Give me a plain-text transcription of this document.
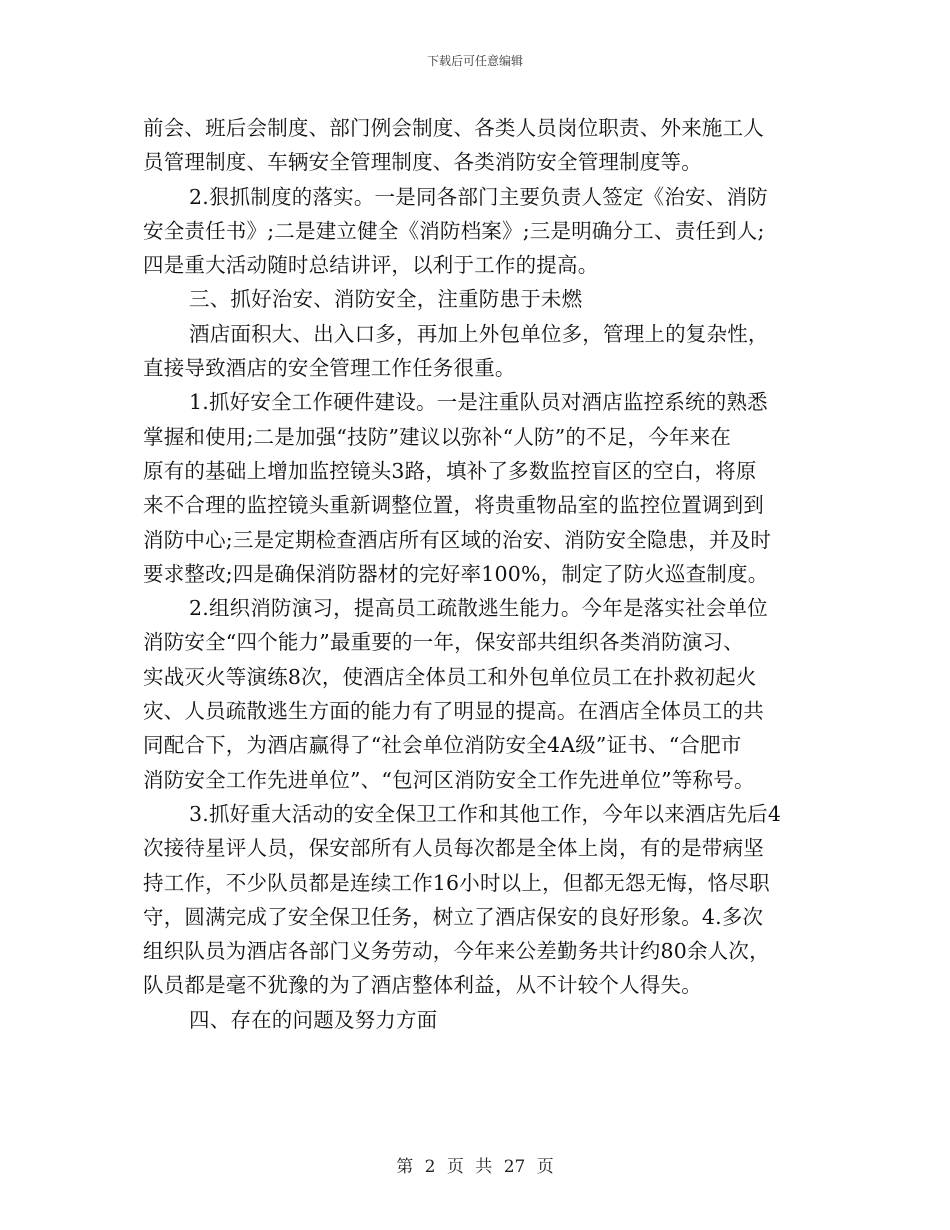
下载后可任意编辑
前会、班后会制度、部门例会制度、各类人员岗位职责、外来施工人
员管理制度、车辆安全管理制度、各类消防安全管理制度等。
2.狠抓制度的落实。一是同各部门主要负责人签定《治安、消防
安全责任书》;二是建立健全《消防档案》;三是明确分工、责任到人;
四是重大活动随时总结讲评，以利于工作的提高。
三、抓好治安、消防安全，注重防患于未燃
酒店面积大、出入口多，再加上外包单位多，管理上的复杂性，
直接导致酒店的安全管理工作任务很重。
1.抓好安全工作硬件建设。一是注重队员对酒店监控系统的熟悉
掌握和使用;二是加强“技防”建议以弥补“人防”的不足，今年来在
原有的基础上增加监控镜头3路，填补了多数监控盲区的空白，将原
来不合理的监控镜头重新调整位置，将贵重物品室的监控位置调到到
消防中心;三是定期检查酒店所有区域的治安、消防安全隐患，并及时
要求整改;四是确保消防器材的完好率100%，制定了防火巡查制度。
2.组织消防演习，提高员工疏散逃生能力。今年是落实社会单位
消防安全“四个能力”最重要的一年，保安部共组织各类消防演习、
实战灭火等演练8次，使酒店全体员工和外包单位员工在扑救初起火
灾、人员疏散逃生方面的能力有了明显的提高。在酒店全体员工的共
同配合下，为酒店赢得了“社会单位消防安全4A级”证书、“合肥市
消防安全工作先进单位”、“包河区消防安全工作先进单位”等称号。
3.抓好重大活动的安全保卫工作和其他工作，今年以来酒店先后4
次接待星评人员，保安部所有人员每次都是全体上岗，有的是带病坚
持工作，不少队员都是连续工作16小时以上，但都无怨无悔，恪尽职
守，圆满完成了安全保卫任务，树立了酒店保安的良好形象。4.多次
组织队员为酒店各部门义务劳动，今年来公差勤务共计约80余人次，
队员都是毫不犹豫的为了酒店整体利益，从不计较个人得失。
四、存在的问题及努力方面
第 2 页 共 27 页
